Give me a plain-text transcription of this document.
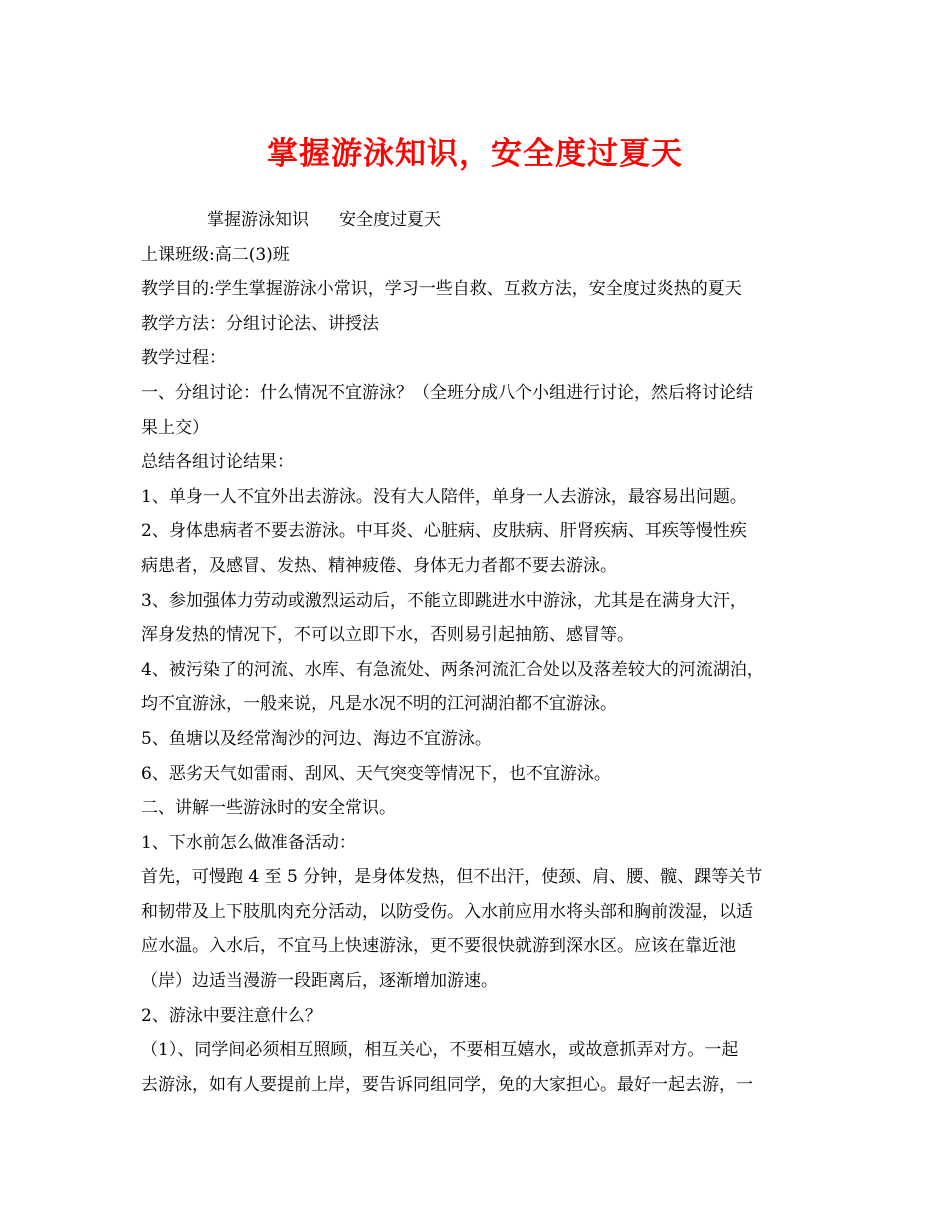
掌握游泳知识，安全度过夏天
掌握游泳知识 安全度过夏天
上课班级:高二(3)班
教学目的:学生掌握游泳小常识，学习一些自救、互救方法，安全度过炎热的夏天
教学方法：分组讨论法、讲授法
教学过程：
一、分组讨论：什么情况不宜游泳？（全班分成八个小组进行讨论，然后将讨论结
果上交）
总结各组讨论结果：
1、单身一人不宜外出去游泳。没有大人陪伴，单身一人去游泳，最容易出问题。
2、身体患病者不要去游泳。中耳炎、心脏病、皮肤病、肝肾疾病、耳疾等慢性疾
病患者，及感冒、发热、精神疲倦、身体无力者都不要去游泳。
3、参加强体力劳动或激烈运动后，不能立即跳进水中游泳，尤其是在满身大汗，
浑身发热的情况下，不可以立即下水，否则易引起抽筋、感冒等。
4、被污染了的河流、水库、有急流处、两条河流汇合处以及落差较大的河流湖泊，
均不宜游泳，一般来说，凡是水况不明的江河湖泊都不宜游泳。
5、鱼塘以及经常淘沙的河边、海边不宜游泳。
6、恶劣天气如雷雨、刮风、天气突变等情况下，也不宜游泳。
二、讲解一些游泳时的安全常识。
1、下水前怎么做准备活动：
首先，可慢跑 4 至 5 分钟，是身体发热，但不出汗，使颈、肩、腰、髋、踝等关节
和韧带及上下肢肌肉充分活动，以防受伤。入水前应用水将头部和胸前泼湿，以适
应水温。入水后，不宜马上快速游泳，更不要很快就游到深水区。应该在靠近池
（岸）边适当漫游一段距离后，逐渐增加游速。
2、游泳中要注意什么？
（1）、同学间必须相互照顾，相互关心，不要相互嬉水，或故意抓弄对方。一起
去游泳，如有人要提前上岸，要告诉同组同学，免的大家担心。最好一起去游，一
